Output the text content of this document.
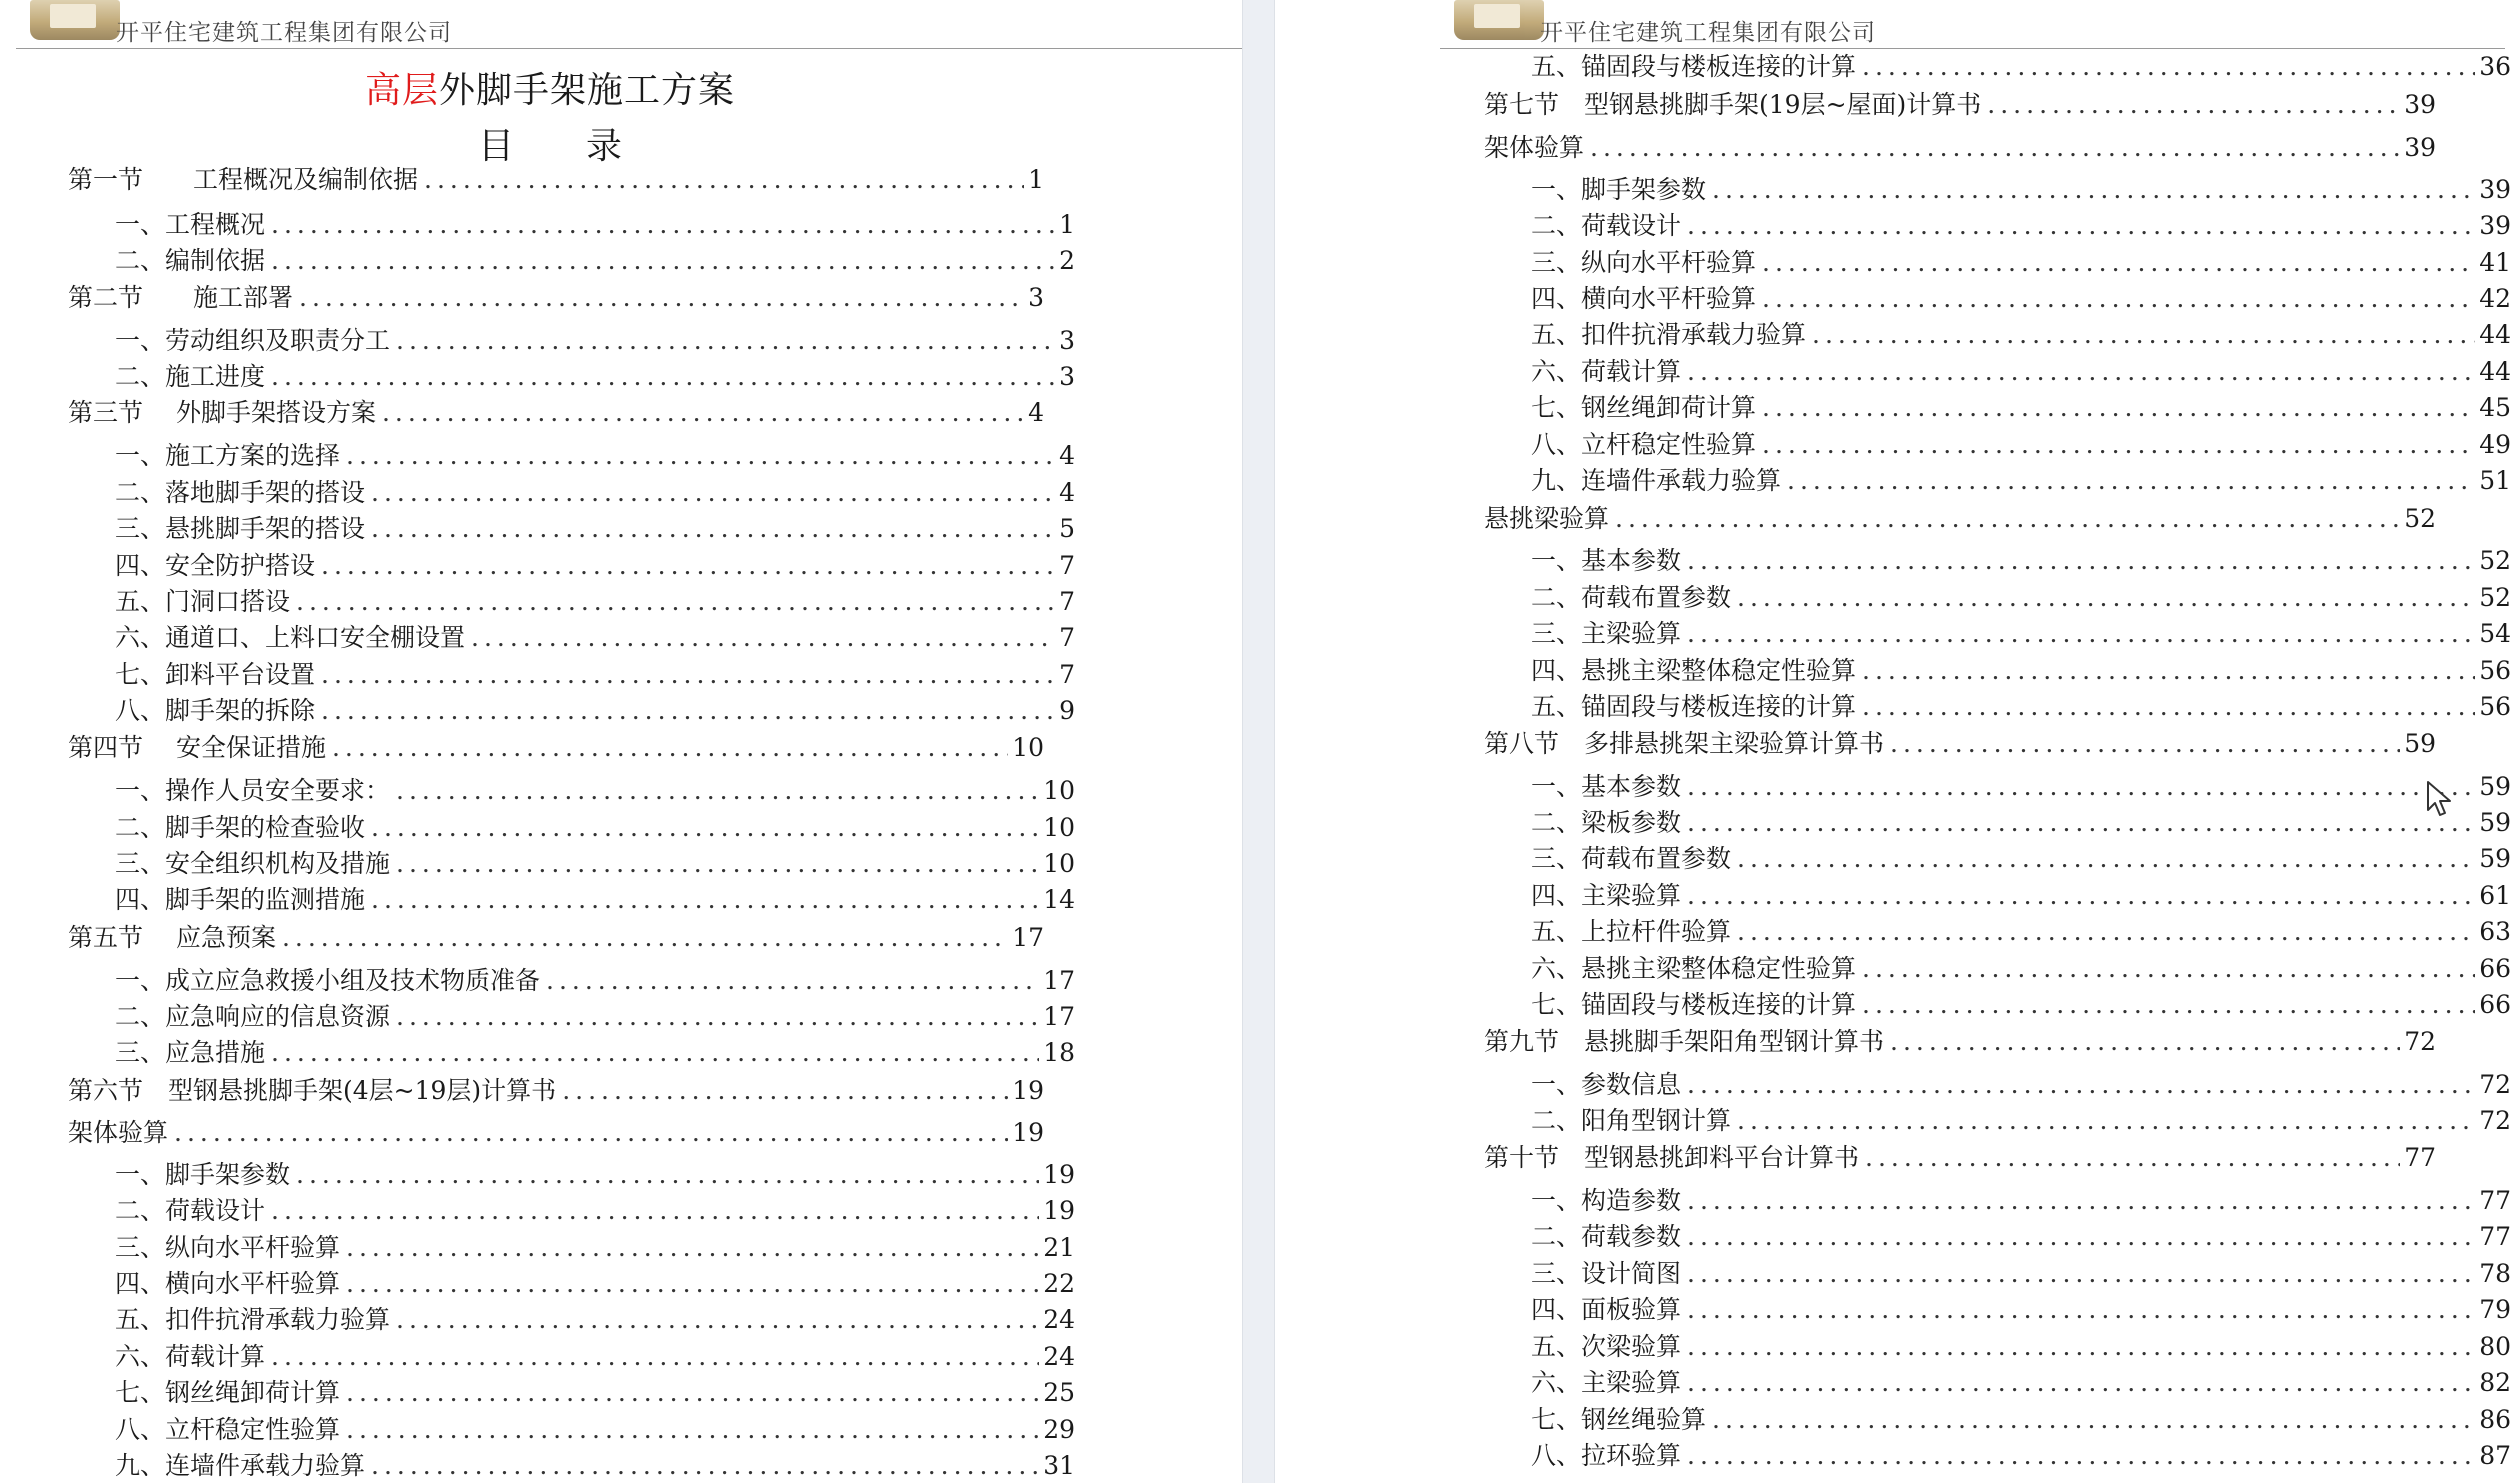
开平住宅建筑工程集团有限公司
高层外脚手架施工方案
目　　录
第一节　　工程概况及编制依据 .....	1
一、工程概况 .....	1
二、编制依据 .....	2
第二节　　施工部署 .....	3
一、劳动组织及职责分工 .....	3
二、施工进度 .....	3
第三节　 外脚手架搭设方案 .....	4
一、施工方案的选择 .....	4
二、落地脚手架的搭设 .....	4
三、悬挑脚手架的搭设 .....	5
四、安全防护搭设 .....	7
五、门洞口搭设 .....	7
六、通道口、上料口安全棚设置 .....	7
七、卸料平台设置 .....	7
八、脚手架的拆除 .....	9
第四节　 安全保证措施 .....	10
一、操作人员安全要求： .....	10
二、脚手架的检查验收 .....	10
三、安全组织机构及措施 .....	10
四、脚手架的监测措施 .....	14
第五节　 应急预案 .....	17
一、成立应急救援小组及技术物质准备 .....	17
二、应急响应的信息资源 .....	17
三、应急措施 .....	18
第六节　型钢悬挑脚手架(4层~19层)计算书 .....	19
架体验算 .....	19
一、脚手架参数 .....	19
二、荷载设计 .....	19
三、纵向水平杆验算 .....	21
四、横向水平杆验算 .....	22
五、扣件抗滑承载力验算 .....	24
六、荷载计算 .....	24
七、钢丝绳卸荷计算 .....	25
八、立杆稳定性验算 .....	29
九、连墙件承载力验算 .....	31
开平住宅建筑工程集团有限公司
五、锚固段与楼板连接的计算 .....	36
第七节　型钢悬挑脚手架(19层~屋面)计算书 .....	39
架体验算 .....	39
一、脚手架参数 .....	39
二、荷载设计 .....	39
三、纵向水平杆验算 .....	41
四、横向水平杆验算 .....	42
五、扣件抗滑承载力验算 .....	44
六、荷载计算 .....	44
七、钢丝绳卸荷计算 .....	45
八、立杆稳定性验算 .....	49
九、连墙件承载力验算 .....	51
悬挑梁验算 .....	52
一、基本参数 .....	52
二、荷载布置参数 .....	52
三、主梁验算 .....	54
四、悬挑主梁整体稳定性验算 .....	56
五、锚固段与楼板连接的计算 .....	56
第八节　多排悬挑架主梁验算计算书 .....	59
一、基本参数 .....	59
二、梁板参数 .....	59
三、荷载布置参数 .....	59
四、主梁验算 .....	61
五、上拉杆件验算 .....	63
六、悬挑主梁整体稳定性验算 .....	66
七、锚固段与楼板连接的计算 .....	66
第九节　悬挑脚手架阳角型钢计算书 .....	72
一、参数信息 .....	72
二、阳角型钢计算 .....	72
第十节　型钢悬挑卸料平台计算书 .....	77
一、构造参数 .....	77
二、荷载参数 .....	77
三、设计简图 .....	78
四、面板验算 .....	79
五、次梁验算 .....	80
六、主梁验算 .....	82
七、钢丝绳验算 .....	86
八、拉环验算 .....	87
